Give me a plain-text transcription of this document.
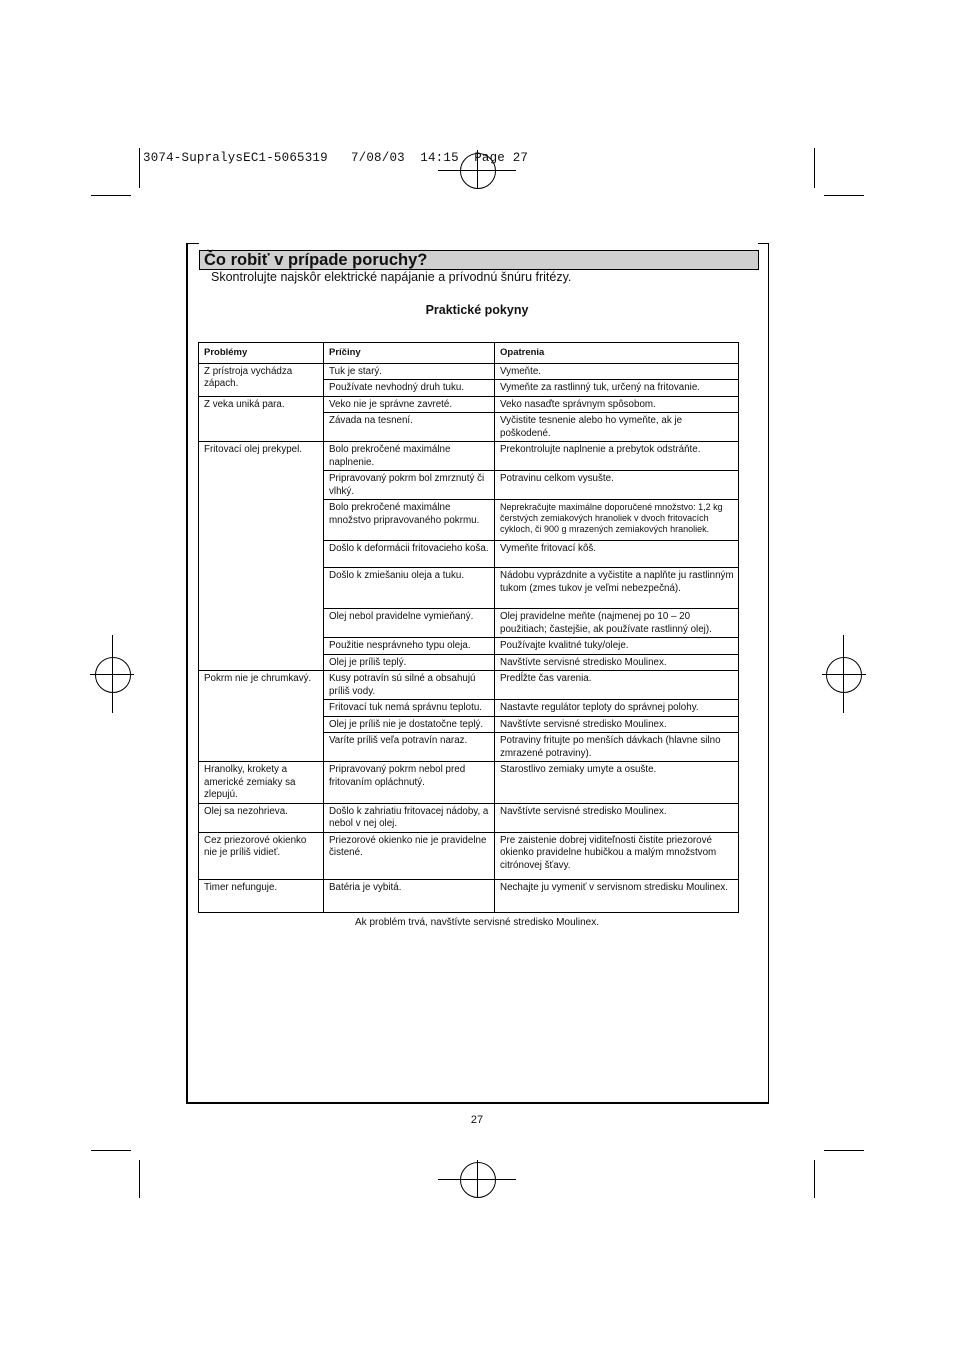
3074-SupralysEC1-5065319 7/08/03 14:15 Page 27
Čo robiť v prípade poruchy?
Skontrolujte najskôr elektrické napájanie a prívodnú šnúru fritézy.
Praktické pokyny
Problémy	Príčiny	Opatrenia
Z prístroja vychádza zápach.	Tuk je starý.	Vymeňte.
	Používate nevhodný druh tuku.	Vymeňte za rastlinný tuk, určený na fritovanie.
Z veka uniká para.	Veko nie je správne zavreté.	Veko nasaďte správnym spôsobom.
	Závada na tesnení.	Vyčistite tesnenie alebo ho vymeňte, ak je poškodené.
Fritovací olej prekypel.	Bolo prekročené maximálne naplnenie.	Prekontrolujte naplnenie a prebytok odstráňte.
	Pripravovaný pokrm bol zmrznutý či vlhký.	Potravinu celkom vysušte.
	Bolo prekročené maximálne množstvo pripravovaného pokrmu.	Neprekračujte maximálne doporučené množstvo: 1,2 kg čerstvých zemiakových hranoliek v dvoch fritovacích cykloch, či 900 g mrazených zemiakových hranoliek.
	Došlo k deformácii fritovacieho koša.	Vymeňte fritovací kôš.
	Došlo k zmiešaniu oleja a tuku.	Nádobu vyprázdnite a vyčistite a naplňte ju rastlinným tukom (zmes tukov je veľmi nebezpečná).
	Olej nebol pravidelne vymieňaný.	Olej pravidelne meňte (najmenej po 10 – 20 použitiach; častejšie, ak používate rastlinný olej).
	Použitie nesprávneho typu oleja.	Používajte kvalitné tuky/oleje.
	Olej je príliš teplý.	Navštívte servisné stredisko Moulinex.
Pokrm nie je chrumkavý.	Kusy potravín sú silné a obsahujú príliš vody.	Predĺžte čas varenia.
	Fritovací tuk nemá správnu teplotu.	Nastavte regulátor teploty do správnej polohy.
	Olej je príliš nie je dostatočne teplý.	Navštívte servisné stredisko Moulinex.
	Varíte príliš veľa potravín naraz.	Potraviny fritujte po menších dávkach (hlavne silno zmrazené potraviny).
Hranolky, krokety a americké zemiaky sa zlepujú.	Pripravovaný pokrm nebol pred fritovaním opláchnutý.	Starostlivo zemiaky umyte a osušte.
Olej sa nezohrieva.	Došlo k zahriatiu fritovacej nádoby, a nebol v nej olej.	Navštívte servisné stredisko Moulinex.
Cez priezorové okienko nie je príliš vidieť.	Priezorové okienko nie je pravidelne čistené.	Pre zaistenie dobrej viditeľnosti čistite priezorové okienko pravidelne hubičkou a malým množstvom citrónovej šťavy.
Timer nefunguje.	Batéria je vybitá.	Nechajte ju vymeniť v servisnom stredisku Moulinex.
Ak problém trvá, navštívte servisné stredisko Moulinex.
27
